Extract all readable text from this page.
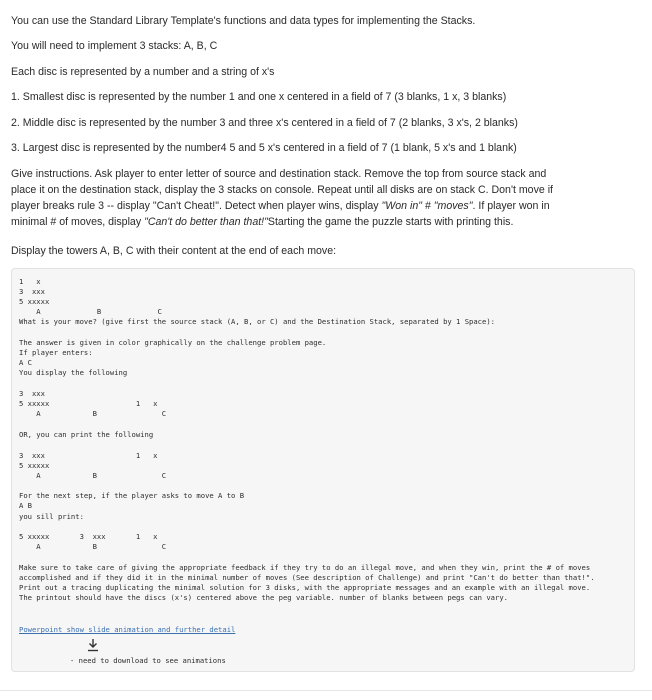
You can use the Standard Library Template's functions and data types for implementing the Stacks.

You will need to implement 3 stacks: A, B, C

Each disc is represented by a number and a string of x's

1. Smallest disc is represented by the number 1 and one x centered in a field of 7 (3 blanks, 1 x, 3 blanks)

2. Middle disc is represented by the number 3 and three x's centered in a field of 7 (2 blanks, 3 x's, 2 blanks)

3. Largest disc is represented by the number4 5 and 5 x's centered in a field of 7 (1 blank, 5 x's and 1 blank)

Give instructions. Ask player to enter letter of source and destination stack. Remove the top from source stack and
place it on the destination stack, display the 3 stacks on console. Repeat until all disks are on stack C. Don't move if
player breaks rule 3 -- display "Can't Cheat!". Detect when player wins, display "Won in" # "moves". If player won in
minimal # of moves, display "Can't do better than that!"Starting the game the puzzle starts with printing this.

Display the towers A, B, C with their content at the end of each move:

1   x
3  xxx
5 xxxxx
A             B             C
What is your move? (give first the source stack (A, B, or C) and the Destination Stack, separated by 1 Space):
The answer is given in color graphically on the challenge problem page.
If player enters:
A C
You display the following
3  xxx
5 xxxxx                    1   x
A            B               C
OR, you can print the following
3  xxx                     1   x
5 xxxxx
A            B               C
For the next step, if the player asks to move A to B
A B
you sill print:
5 xxxxx       3  xxx       1   x
A            B               C
Make sure to take care of giving the appropriate feedback if they try to do an illegal move, and when they win, print the # of moves accomplished and if they did it in the minimal number of moves (See description of Challenge) and print "Can't do better than that!". Print out a tracing duplicating the minimal solution for 3 disks, with the appropriate messages and an example with an illegal move. The printout should have the discs (x's) centered above the peg variable. number of blanks between pegs can vary.
Powerpoint show slide animation and further detail
- need to download to see animations
